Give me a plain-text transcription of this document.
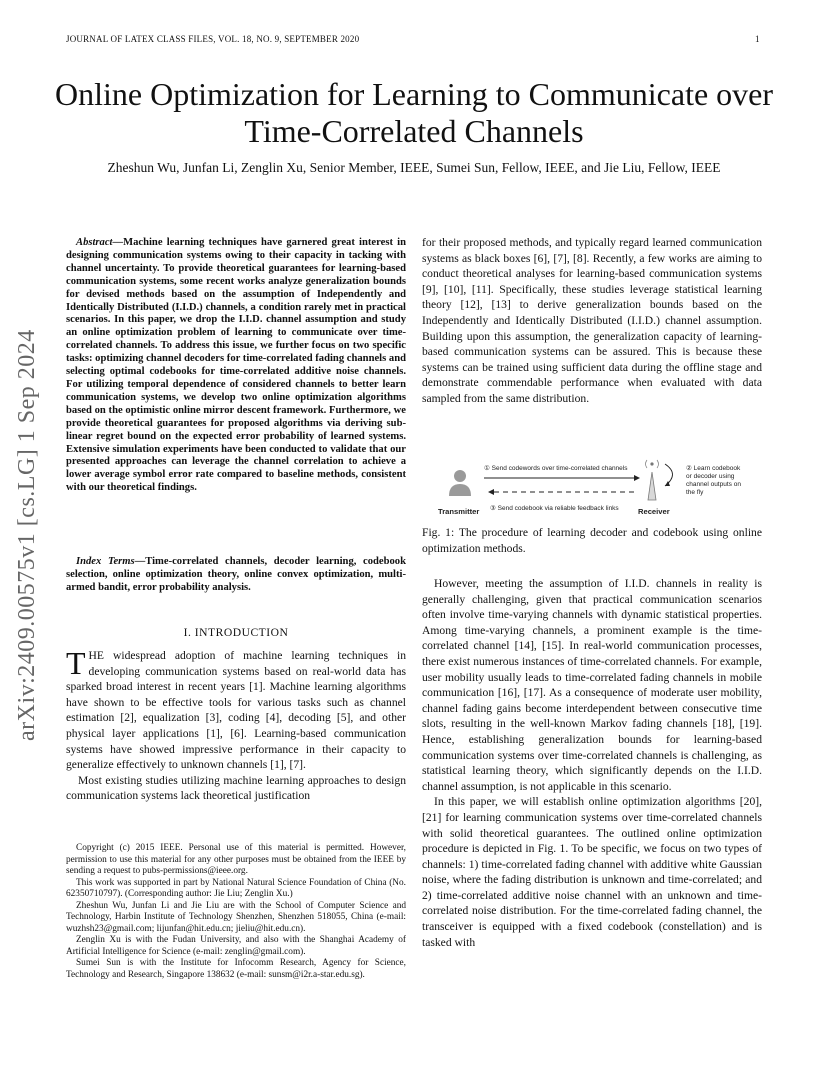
JOURNAL OF LATEX CLASS FILES, VOL. 18, NO. 9, SEPTEMBER 2020	1
Online Optimization for Learning to Communicate over Time-Correlated Channels
Zheshun Wu, Junfan Li, Zenglin Xu, Senior Member, IEEE, Sumei Sun, Fellow, IEEE, and Jie Liu, Fellow, IEEE
arXiv:2409.00575v1 [cs.LG] 1 Sep 2024
Abstract—Machine learning techniques have garnered great interest in designing communication systems owing to their capacity in tacking with channel uncertainty. To provide theoretical guarantees for learning-based communication systems, some recent works analyze generalization bounds for devised methods based on the assumption of Independently and Identically Distributed (I.I.D.) channels, a condition rarely met in practical scenarios. In this paper, we drop the I.I.D. channel assumption and study an online optimization problem of learning to communicate over time-correlated channels. To address this issue, we further focus on two specific tasks: optimizing channel decoders for time-correlated fading channels and selecting optimal codebooks for time-correlated additive noise channels. For utilizing temporal dependence of considered channels to better learn communication systems, we develop two online optimization algorithms based on the optimistic online mirror descent framework. Furthermore, we provide theoretical guarantees for proposed algorithms via deriving sub-linear regret bound on the expected error probability of learned systems. Extensive simulation experiments have been conducted to validate that our presented approaches can leverage the channel correlation to achieve a lower average symbol error rate compared to baseline methods, consistent with our theoretical findings.
Index Terms—Time-correlated channels, decoder learning, codebook selection, online optimization theory, online convex optimization, multi-armed bandit, error probability analysis.
I. INTRODUCTION

THE widespread adoption of machine learning techniques in developing communication systems based on real-world data has sparked broad interest in recent years [1]. Machine learning algorithms have shown to be effective tools for various tasks such as channel estimation [2], equalization [3], coding [4], decoding [5], and other physical layer applications [1], [6]. Learning-based communication systems have showed impressive performance in their capacity to generalize effectively to unknown channels [1], [7].

Most existing studies utilizing machine learning approaches to design communication systems lack theoretical justification

Copyright (c) 2015 IEEE. Personal use of this material is permitted. However, permission to use this material for any other purposes must be obtained from the IEEE by sending a request to pubs-permissions@ieee.org.

This work was supported in part by National Natural Science Foundation of China (No. 62350710797). (Corresponding author: Jie Liu; Zenglin Xu.)

Zheshun Wu, Junfan Li and Jie Liu are with the School of Computer Science and Technology, Harbin Institute of Technology Shenzhen, Shenzhen 518055, China (e-mail: wuzhsh23@gmail.com; lijunfan@hit.edu.cn; jieliu@hit.edu.cn).

Zenglin Xu is with the Fudan University, and also with the Shanghai Academy of Artificial Intelligence for Science (e-mail: zenglin@gmail.com).

Sumei Sun is with the Institute for Infocomm Research, Agency for Science, Technology and Research, Singapore 138632 (e-mail: sunsm@i2r.a-star.edu.sg).

for their proposed methods, and typically regard learned communication systems as black boxes [6], [7], [8]. Recently, a few works are aiming to conduct theoretical analyses for learning-based communication systems [9], [10], [11]. Specifically, these studies leverage statistical learning theory [12], [13] to derive generalization bounds based on the Independently and Identically Distributed (I.I.D.) channel assumption. Building upon this assumption, the generalization capacity of learning-based communication systems can be assured. This is because these systems can be trained using sufficient data during the offline stage and demonstrate commendable performance when evaluated with data sampled from the same distribution.

① Send codewords over time-correlated channels	② Learn codebook
or decoder using
channel outputs on
the fly
③ Send codebook via reliable feedback links
Transmitter	Receiver
Fig. 1: The procedure of learning decoder and codebook using online optimization methods.

However, meeting the assumption of I.I.D. channels in reality is generally challenging, given that practical communication scenarios often involve time-varying channels with dynamic statistical properties. Among time-varying channels, a prominent example is the time-correlated channel [14], [15]. In real-world communication processes, there exist numerous instances of time-correlated channels. For example, user mobility usually leads to time-correlated fading channels in mobile communication [16], [17]. As a consequence of moderate user mobility, channel fading gains become interdependent between consecutive time slots, resulting in the well-known Markov fading channels [18], [19]. Hence, establishing generalization bounds for learning-based communication systems over time-correlated channels is challenging, as statistical learning theory, which significantly depends on the I.I.D. channel assumption, is not applicable in this scenario.

In this paper, we will establish online optimization algorithms [20], [21] for learning communication systems over time-correlated channels with solid theoretical guarantees. The outlined online optimization procedure is depicted in Fig. 1. To be specific, we focus on two types of channels: 1) time-correlated fading channel with additive white Gaussian noise, where the fading distribution is unknown and time-correlated; and 2) time-correlated additive noise channel with an unknown and time-correlated noise distribution. For the time-correlated fading channel, the transceiver is equipped with a fixed codebook (constellation) and is tasked with
